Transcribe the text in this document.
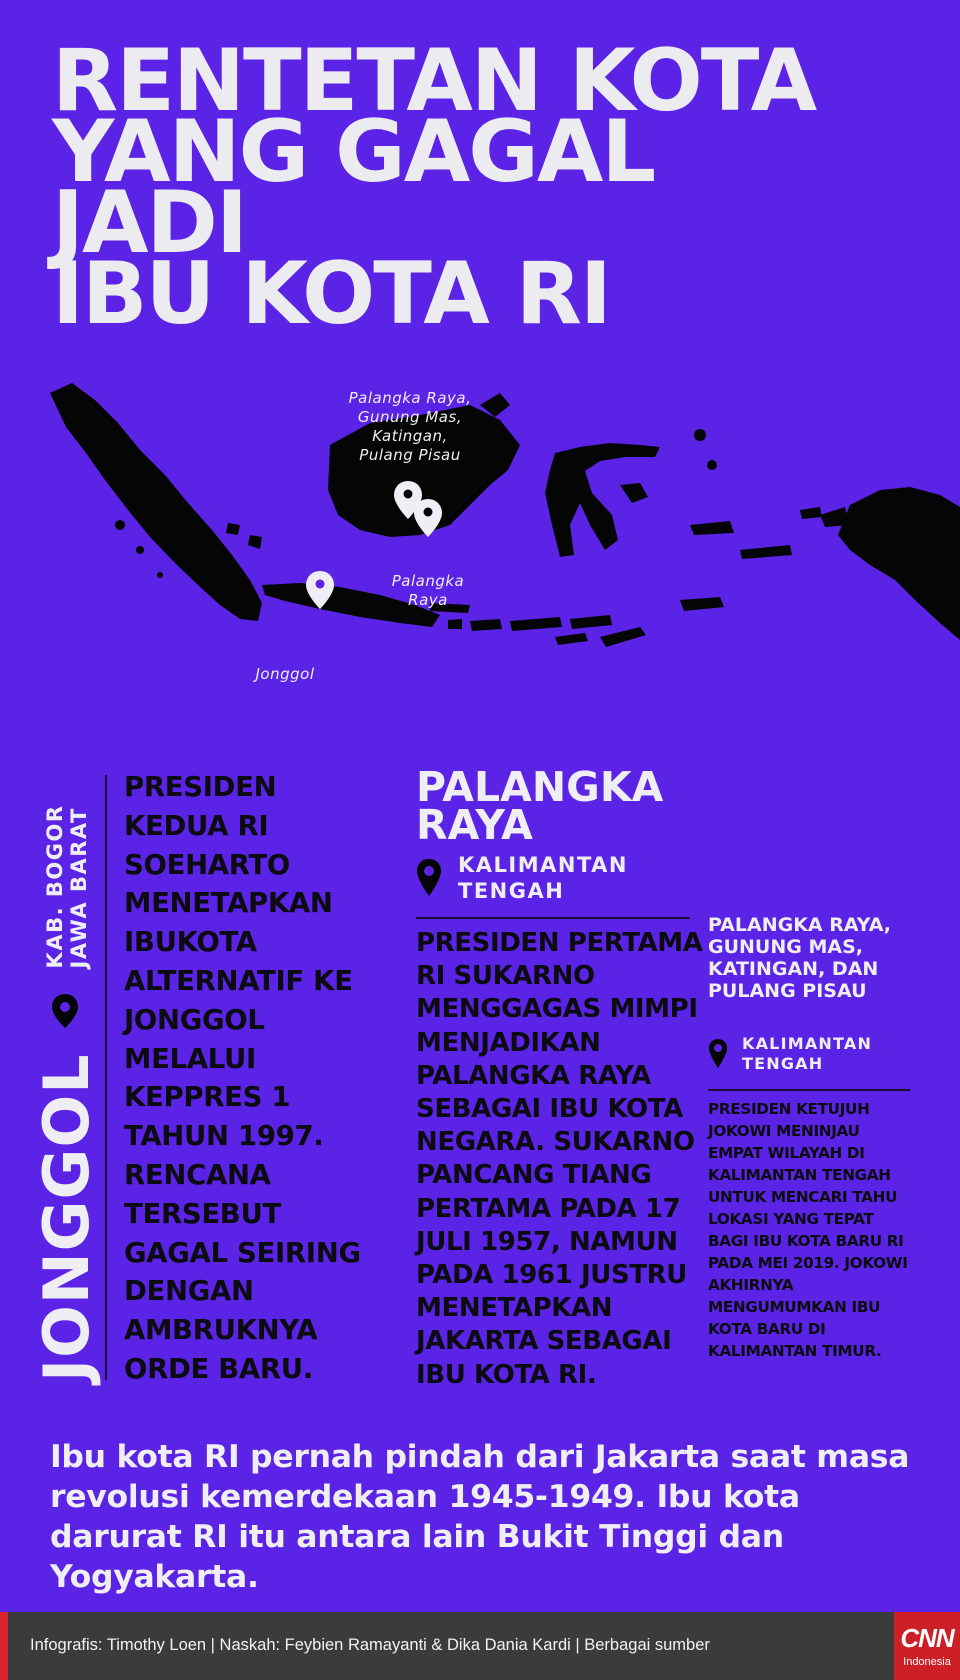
RENTETAN KOTA
YANG GAGAL
JADI
IBU KOTA RI
Palangka Raya, Gunung Mas, Katingan, Pulang Pisau
Palangka Raya
Jonggol
JONGGOL  KAB. BOGOR
JAWA BARAT
PRESIDEN KEDUA RI SOEHARTO MENETAPKAN IBUKOTA ALTERNATIF KE JONGGOL MELALUI KEPPRES 1 TAHUN 1997. RENCANA TERSEBUT GAGAL SEIRING DENGAN AMBRUKNYA ORDE BARU.
PALANGKA
RAYA
KALIMANTAN
TENGAH
PRESIDEN PERTAMA RI SUKARNO MENGGAGAS MIMPI MENJADIKAN PALANGKA RAYA SEBAGAI IBU KOTA NEGARA. SUKARNO PANCANG TIANG PERTAMA PADA 17 JULI 1957, NAMUN PADA 1961 JUSTRU MENETAPKAN JAKARTA SEBAGAI IBU KOTA RI.
PALANGKA RAYA, GUNUNG MAS, KATINGAN, DAN PULANG PISAU
KALIMANTAN
TENGAH
PRESIDEN KETUJUH JOKOWI MENINJAU EMPAT WILAYAH DI KALIMANTAN TENGAH UNTUK MENCARI TAHU LOKASI YANG TEPAT BAGI IBU KOTA BARU RI PADA MEI 2019. JOKOWI AKHIRNYA MENGUMUMKAN IBU KOTA BARU DI KALIMANTAN TIMUR.
Ibu kota RI pernah pindah dari Jakarta saat masa revolusi kemerdekaan 1945-1949. Ibu kota darurat RI itu antara lain Bukit Tinggi dan Yogyakarta.
Infografis: Timothy Loen | Naskah: Feybien Ramayanti & Dika Dania Kardi | Berbagai sumber	CNN
Indonesia
